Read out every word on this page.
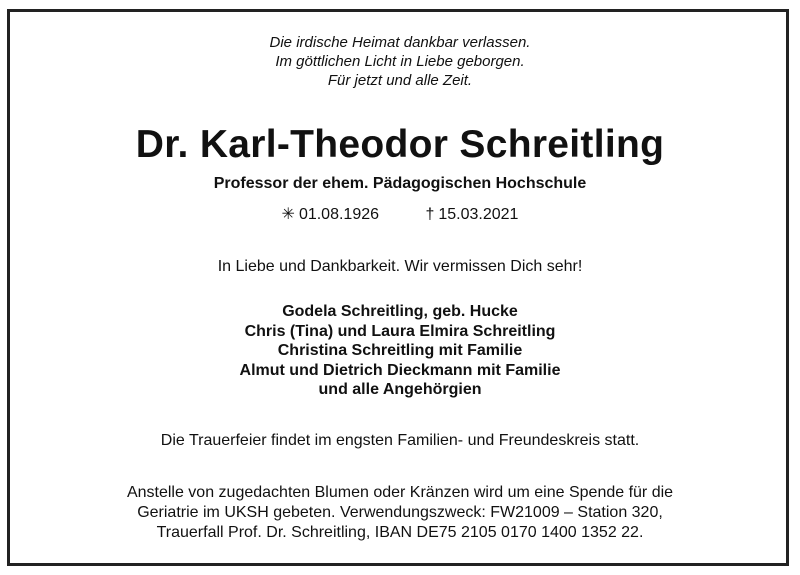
Die irdische Heimat dankbar verlassen.
Im göttlichen Licht in Liebe geborgen.
Für jetzt und alle Zeit.
Dr. Karl-Theodor Schreitling
Professor der ehem. Pädagogischen Hochschule
✳ 01.08.1926	† 15.03.2021
In Liebe und Dankbarkeit. Wir vermissen Dich sehr!
Godela Schreitling, geb. Hucke
Chris (Tina) und Laura Elmira Schreitling
Christina Schreitling mit Familie
Almut und Dietrich Dieckmann mit Familie
und alle Angehörgien
Die Trauerfeier findet im engsten Familien- und Freundeskreis statt.
Anstelle von zugedachten Blumen oder Kränzen wird um eine Spende für die
Geriatrie im UKSH gebeten. Verwendungszweck: FW21009 – Station 320,
Trauerfall Prof. Dr. Schreitling, IBAN DE75 2105 0170 1400 1352 22.
